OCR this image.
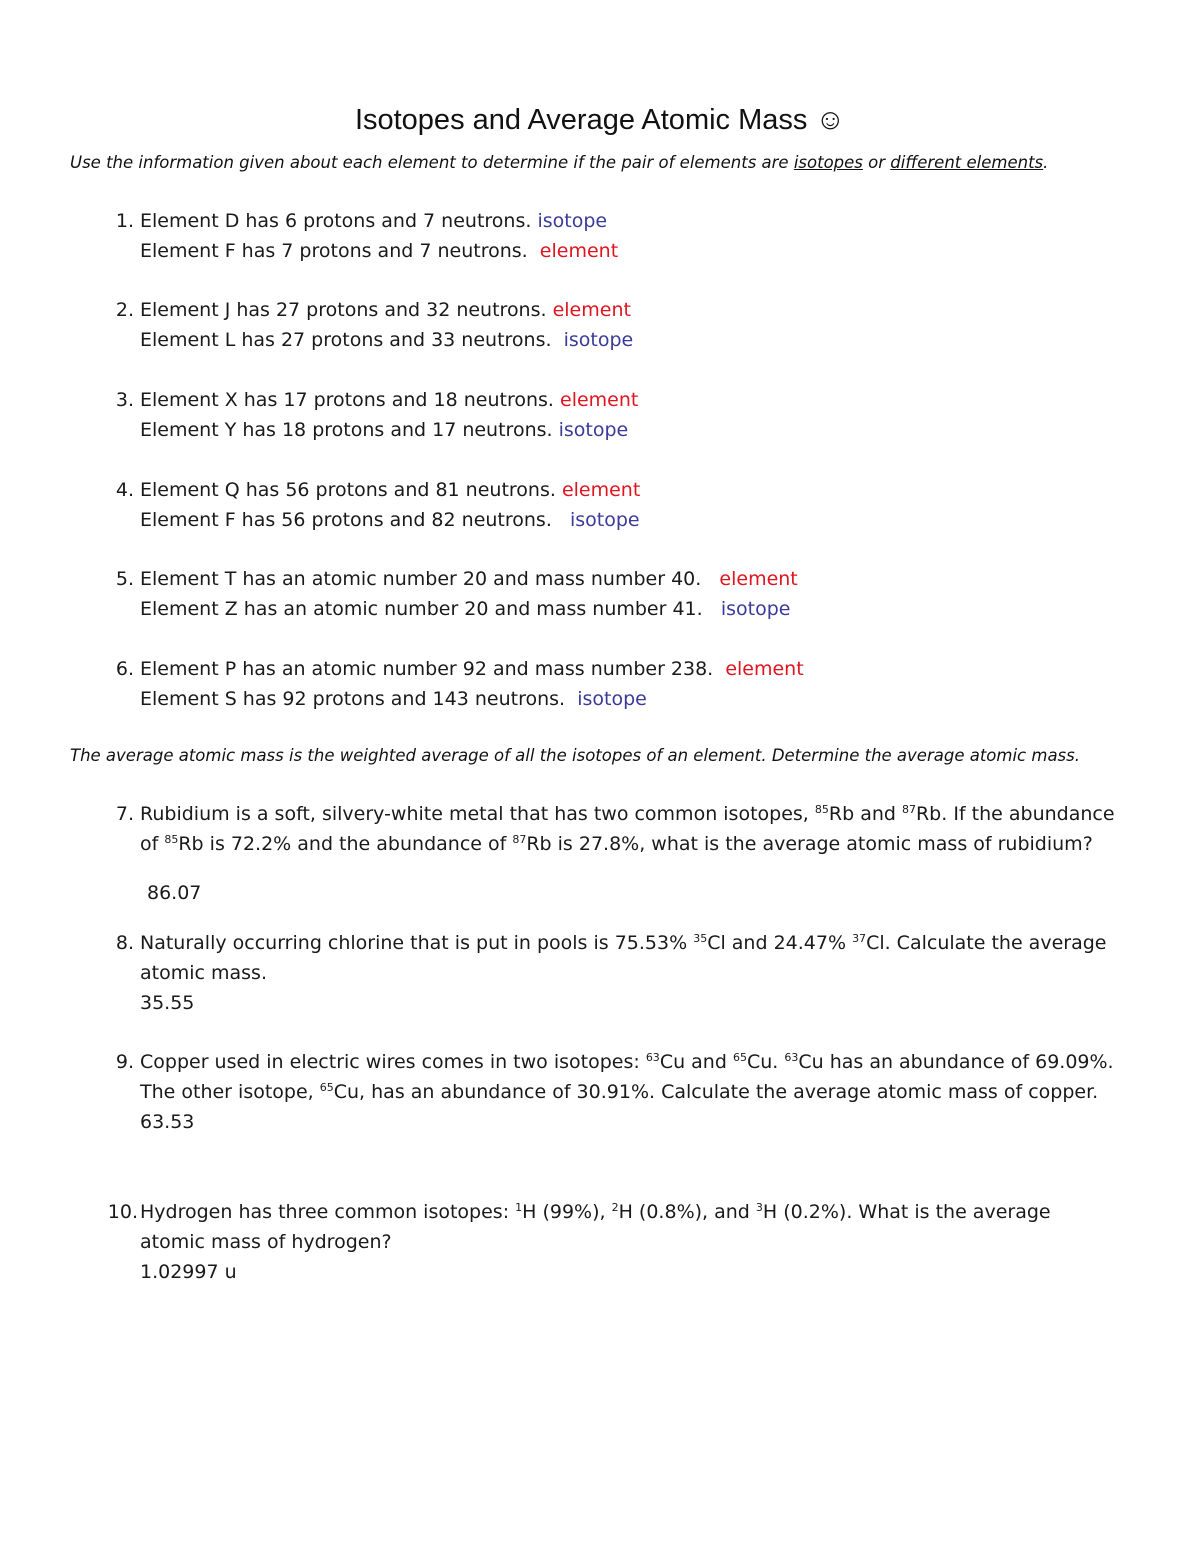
Isotopes and Average Atomic Mass ☺
Use the information given about each element to determine if the pair of elements are isotopes or different elements.
1. Element D has 6 protons and 7 neutrons. isotope
Element F has 7 protons and 7 neutrons. element
2. Element J has 27 protons and 32 neutrons. element
Element L has 27 protons and 33 neutrons. isotope
3. Element X has 17 protons and 18 neutrons. element
Element Y has 18 protons and 17 neutrons. isotope
4. Element Q has 56 protons and 81 neutrons. element
Element F has 56 protons and 82 neutrons. isotope
5. Element T has an atomic number 20 and mass number 40. element
Element Z has an atomic number 20 and mass number 41. isotope
6. Element P has an atomic number 92 and mass number 238. element
Element S has 92 protons and 143 neutrons. isotope
The average atomic mass is the weighted average of all the isotopes of an element. Determine the average atomic mass.
7. Rubidium is a soft, silvery-white metal that has two common isotopes, $^{85}$Rb and $^{87}$Rb. If the abundance
of $^{85}$Rb is 72.2% and the abundance of $^{87}$Rb is 27.8%, what is the average atomic mass of rubidium?
86.07
8. Naturally occurring chlorine that is put in pools is 75.53% $^{35}$Cl and 24.47% $^{37}$Cl. Calculate the average
atomic mass.
35.55
9. Copper used in electric wires comes in two isotopes: $^{63}$Cu and $^{65}$Cu. $^{63}$Cu has an abundance of 69.09%.
The other isotope, $^{65}$Cu, has an abundance of 30.91%. Calculate the average atomic mass of copper.
63.53
10. Hydrogen has three common isotopes: $^1$H (99%), $^2$H (0.8%), and $^3$H (0.2%). What is the average
atomic mass of hydrogen?
1.02997 u
